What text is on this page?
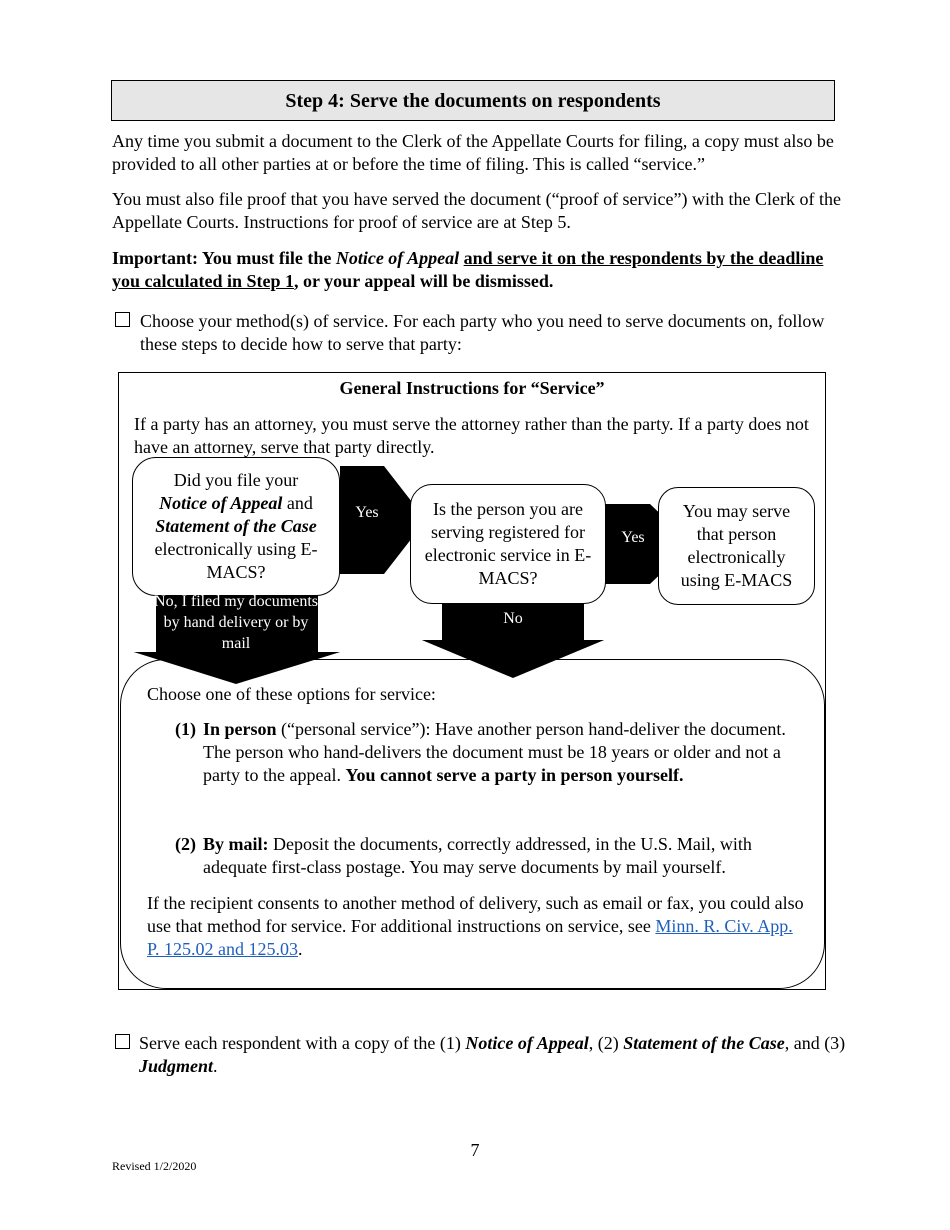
Step 4: Serve the documents on respondents
Any time you submit a document to the Clerk of the Appellate Courts for filing, a copy must also be provided to all other parties at or before the time of filing. This is called “service.”
You must also file proof that you have served the document (“proof of service”) with the Clerk of the Appellate Courts. Instructions for proof of service are at Step 5.
Important: You must file the Notice of Appeal and serve it on the respondents by the deadline you calculated in Step 1, or your appeal will be dismissed.
Choose your method(s) of service. For each party who you need to serve documents on, follow these steps to decide how to serve that party:
General Instructions for “Service”
If a party has an attorney, you must serve the attorney rather than the party. If a party does not have an attorney, serve that party directly.
Did you file your
Notice of Appeal and
Statement of the Case
electronically using E-MACS?
Is the person you are serving registered for electronic service in E-MACS?
You may serve that person electronically using E-MACS
Yes
Yes
No, I filed my documents by hand delivery or by mail
No
Choose one of these options for service:
(1) In person (“personal service”): Have another person hand-deliver the document. The person who hand-delivers the document must be 18 years or older and not a party to the appeal. You cannot serve a party in person yourself.
(2) By mail: Deposit the documents, correctly addressed, in the U.S. Mail, with adequate first-class postage. You may serve documents by mail yourself.
If the recipient consents to another method of delivery, such as email or fax, you could also use that method for service. For additional instructions on service, see Minn. R. Civ. App. P. 125.02 and 125.03.
Serve each respondent with a copy of the (1) Notice of Appeal, (2) Statement of the Case, and (3) Judgment.
7
Revised 1/2/2020
